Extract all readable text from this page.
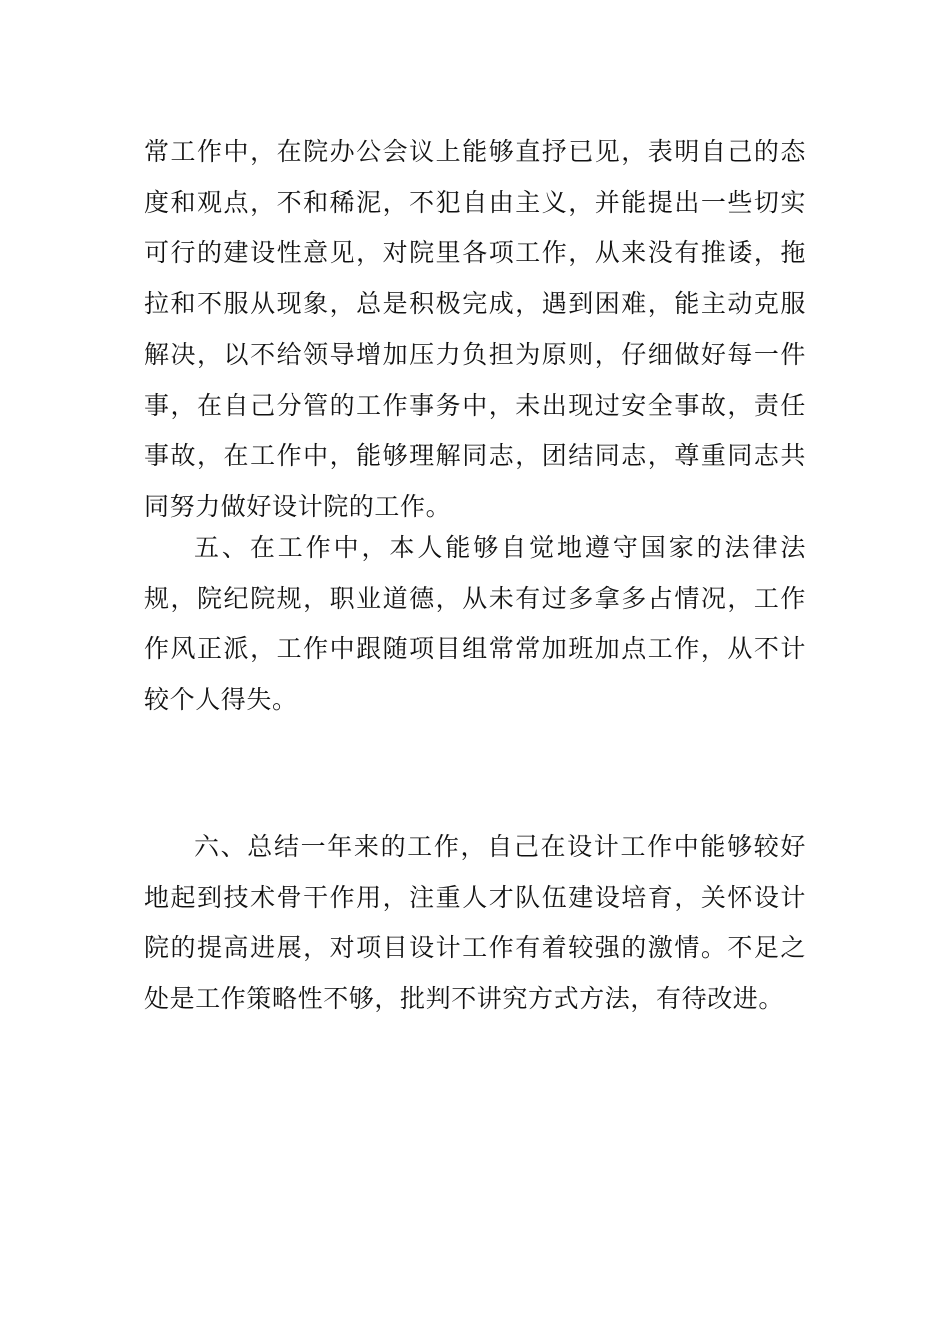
常工作中，在院办公会议上能够直抒已见，表明自己的态度和观点，不和稀泥，不犯自由主义，并能提出一些切实可行的建设性意见，对院里各项工作，从来没有推诿，拖拉和不服从现象，总是积极完成，遇到困难，能主动克服解决，以不给领导增加压力负担为原则，仔细做好每一件事，在自己分管的工作事务中，未出现过安全事故，责任事故，在工作中，能够理解同志，团结同志，尊重同志共同努力做好设计院的工作。

五、在工作中，本人能够自觉地遵守国家的法律法规，院纪院规，职业道德，从未有过多拿多占情况，工作作风正派，工作中跟随项目组常常加班加点工作，从不计较个人得失。

六、总结一年来的工作，自己在设计工作中能够较好地起到技术骨干作用，注重人才队伍建设培育，关怀设计院的提高进展，对项目设计工作有着较强的激情。不足之处是工作策略性不够，批判不讲究方式方法，有待改进。
